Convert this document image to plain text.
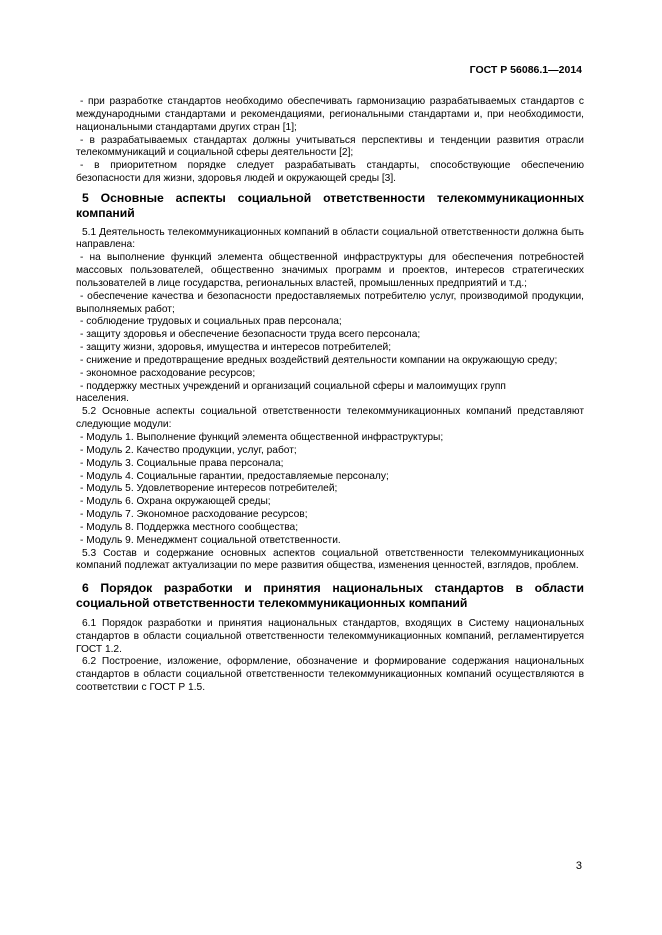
ГОСТ Р 56086.1—2014

- при разработке стандартов необходимо обеспечивать гармонизацию разрабатываемых стандартов с международными стандартами и рекомендациями, региональными стандартами и, при необходимости, национальными стандартами других стран [1];

- в разрабатываемых стандартах должны учитываться перспективы и тенденции развития отрасли телекоммуникаций и социальной сферы деятельности [2];

- в приоритетном порядке следует разрабатывать стандарты, способствующие обеспечению безопасности для жизни, здоровья людей и окружающей среды [3].

5 Основные аспекты социальной ответственности телекоммуникационных компаний

5.1 Деятельность телекоммуникационных компаний в области социальной ответственности должна быть направлена:

- на выполнение функций элемента общественной инфраструктуры для обеспечения потребностей массовых пользователей, общественно значимых программ и проектов, интересов стратегических пользователей в лице государства, региональных властей, промышленных предприятий и т.д.;

- обеспечение качества и безопасности предоставляемых потребителю услуг, производимой продукции, выполняемых работ;

- соблюдение трудовых и социальных прав персонала;

- защиту здоровья и обеспечение безопасности труда всего персонала;

- защиту жизни, здоровья, имущества и интересов потребителей;

- снижение и предотвращение вредных воздействий деятельности компании на окружающую среду;

- экономное расходование ресурсов;

- поддержку местных учреждений и организаций социальной сферы и малоимущих групп

населения.

5.2 Основные аспекты социальной ответственности телекоммуникационных компаний представляют следующие модули:

- Модуль 1. Выполнение функций элемента общественной инфраструктуры;

- Модуль 2. Качество продукции, услуг, работ;

- Модуль 3. Социальные права персонала;

- Модуль 4. Социальные гарантии, предоставляемые персоналу;

- Модуль 5. Удовлетворение интересов потребителей;

- Модуль 6. Охрана окружающей среды;

- Модуль 7. Экономное расходование ресурсов;

- Модуль 8. Поддержка местного сообщества;

- Модуль 9. Менеджмент социальной ответственности.

5.3 Состав и содержание основных аспектов социальной ответственности телекоммуникационных компаний подлежат актуализации по мере развития общества, изменения ценностей, взглядов, проблем.

6 Порядок разработки и принятия национальных стандартов в области социальной ответственности телекоммуникационных компаний

6.1 Порядок разработки и принятия национальных стандартов, входящих в Систему национальных стандартов в области социальной ответственности телекоммуникационных компаний, регламентируется ГОСТ 1.2.

6.2 Построение, изложение, оформление, обозначение и формирование содержания национальных стандартов в области социальной ответственности телекоммуникационных компаний осуществляются в соответствии с ГОСТ Р 1.5.

3
